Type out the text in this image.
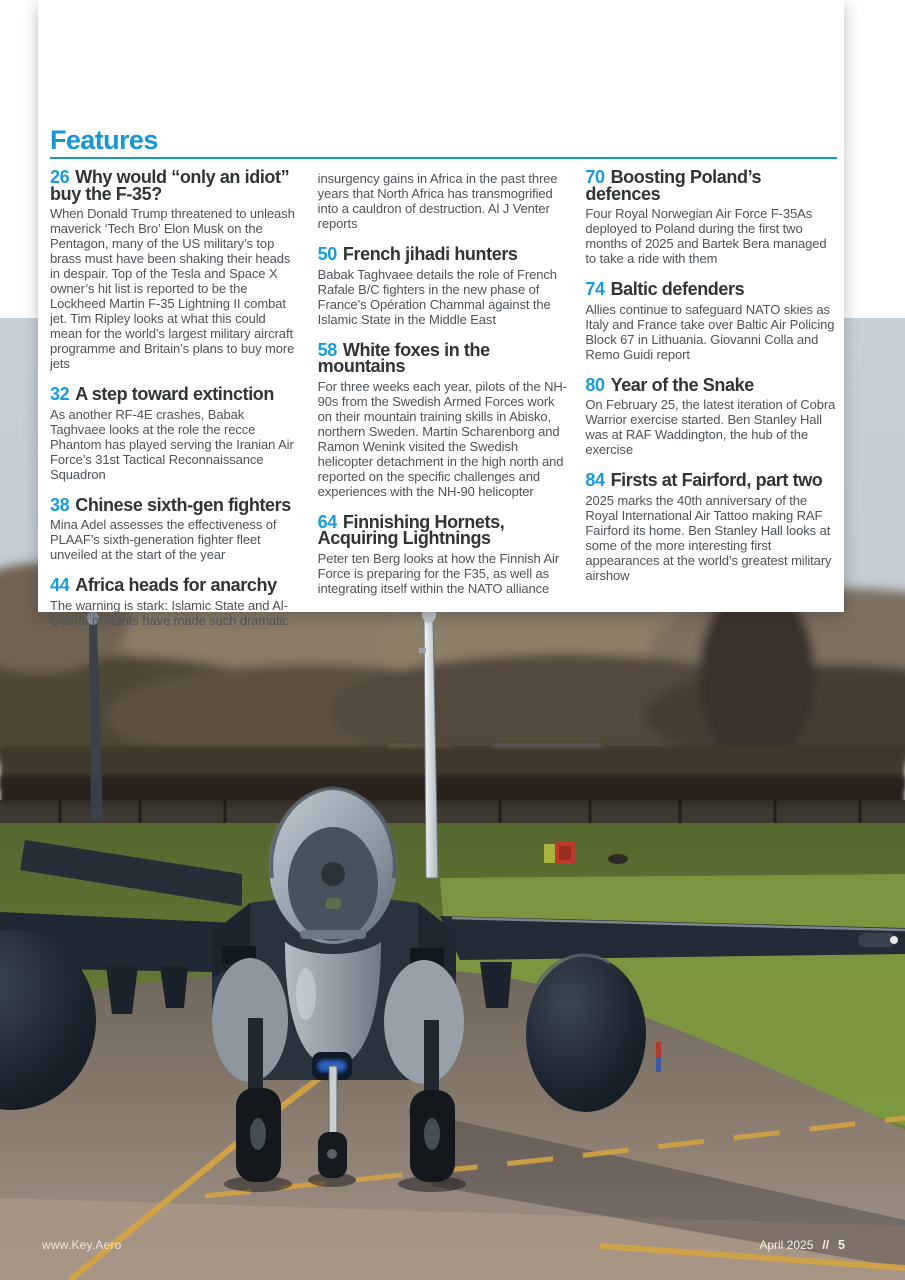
Features
26 Why would “only an idiot” buy the F-35?

When Donald Trump threatened to unleash maverick ‘Tech Bro’ Elon Musk on the Pentagon, many of the US military’s top brass must have been shaking their heads in despair. Top of the Tesla and Space X owner’s hit list is reported to be the Lockheed Martin F-35 Lightning II combat jet. Tim Ripley looks at what this could mean for the world’s largest military aircraft programme and Britain’s plans to buy more jets

32 A step toward extinction

As another RF-4E crashes, Babak Taghvaee looks at the role the recce Phantom has played serving the Iranian Air Force’s 31st Tactical Reconnaissance Squadron

38 Chinese sixth-gen fighters

Mina Adel assesses the effectiveness of PLAAF’s sixth-generation fighter fleet unveiled at the start of the year

44 Africa heads for anarchy

The warning is stark: Islamic State and Al-Qaeda militants have made such dramatic

insurgency gains in Africa in the past three years that North Africa has transmogrified into a cauldron of destruction. Al J Venter reports

50 French jihadi hunters

Babak Taghvaee details the role of French Rafale B/C fighters in the new phase of France’s Opération Chammal against the Islamic State in the Middle East

58 White foxes in the mountains

For three weeks each year, pilots of the NH-90s from the Swedish Armed Forces work on their mountain training skills in Abisko, northern Sweden. Martin Scharenborg and Ramon Wenink visited the Swedish helicopter detachment in the high north and reported on the specific challenges and experiences with the NH-90 helicopter

64 Finnishing Hornets, Acquiring Lightnings

Peter ten Berg looks at how the Finnish Air Force is preparing for the F35, as well as integrating itself within the NATO alliance

70 Boosting Poland’s defences

Four Royal Norwegian Air Force F-35As deployed to Poland during the first two months of 2025 and Bartek Bera managed to take a ride with them

74 Baltic defenders

Allies continue to safeguard NATO skies as Italy and France take over Baltic Air Policing Block 67 in Lithuania. Giovanni Colla and Remo Guidi report

80 Year of the Snake

On February 25, the latest iteration of Cobra Warrior exercise started. Ben Stanley Hall was at RAF Waddington, the hub of the exercise

84 Firsts at Fairford, part two

2025 marks the 40th anniversary of the Royal International Air Tattoo making RAF Fairford its home. Ben Stanley Hall looks at some of the more interesting first appearances at the world’s greatest military airshow

www.Key.Aero	April 2025 // 5
